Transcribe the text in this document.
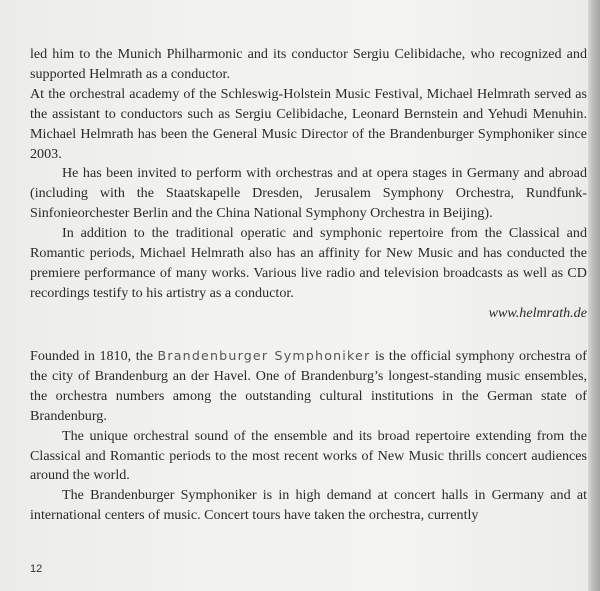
led him to the Munich Philharmonic and its conductor Sergiu Celibidache, who recognized and supported Helmrath as a conductor.

At the orchestral academy of the Schleswig-Holstein Music Festival, Michael Helmrath served as the assistant to conductors such as Sergiu Celibidache, Leonard Bernstein and Yehudi Menuhin. Michael Helmrath has been the General Music Director of the Brandenburger Symphoniker since 2003.

He has been invited to perform with orchestras and at opera stages in Germany and abroad (including with the Staatskapelle Dresden, Jerusalem Symphony Orchestra, Rundfunk-Sinfonieorchester Berlin and the China National Symphony Orchestra in Beijing).

In addition to the traditional operatic and symphonic repertoire from the Classical and Romantic periods, Michael Helmrath also has an affinity for New Music and has conducted the premiere performance of many works. Various live radio and television broadcasts as well as CD recordings testify to his artistry as a conductor.

www.helmrath.de

Founded in 1810, the Brandenburger Symphoniker is the official symphony orchestra of the city of Brandenburg an der Havel. One of Brandenburg’s longest-standing music ensembles, the orchestra numbers among the outstanding cultural institutions in the German state of Brandenburg.

The unique orchestral sound of the ensemble and its broad repertoire extending from the Classical and Romantic periods to the most recent works of New Music thrills concert audiences around the world.

The Brandenburger Symphoniker is in high demand at concert halls in Germany and at international centers of music. Concert tours have taken the orchestra, currently

12
